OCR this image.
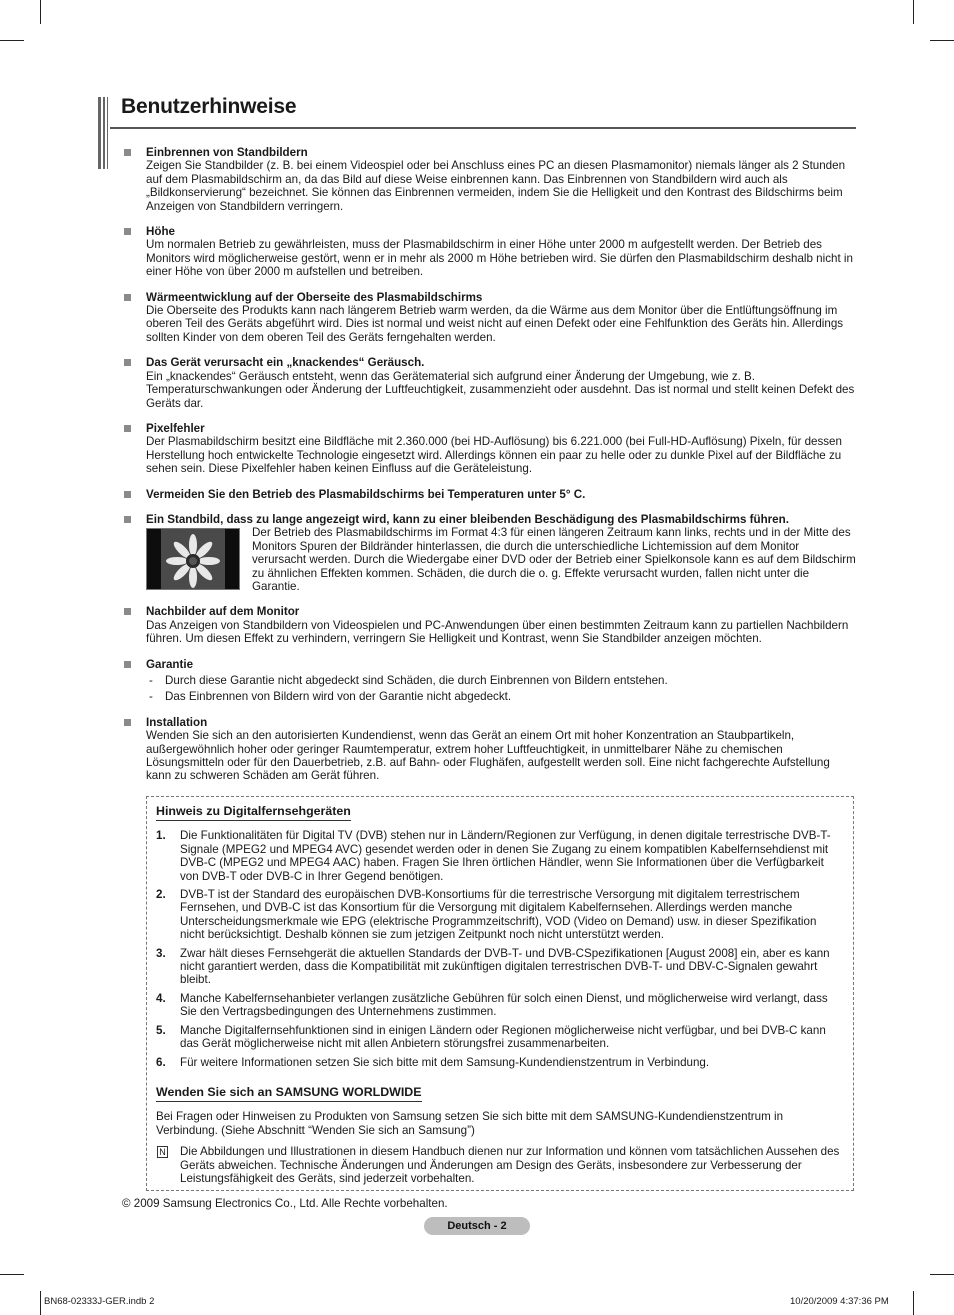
Benutzerhinweise
Einbrennen von Standbildern

Zeigen Sie Standbilder (z. B. bei einem Videospiel oder bei Anschluss eines PC an diesen Plasmamonitor) niemals länger als 2 Stunden auf dem Plasmabildschirm an, da das Bild auf diese Weise einbrennen kann. Das Einbrennen von Standbildern wird auch als „Bildkonservierung“ bezeichnet. Sie können das Einbrennen vermeiden, indem Sie die Helligkeit und den Kontrast des Bildschirms beim Anzeigen von Standbildern verringern.

Höhe

Um normalen Betrieb zu gewährleisten, muss der Plasmabildschirm in einer Höhe unter 2000 m aufgestellt werden. Der Betrieb des Monitors wird möglicherweise gestört, wenn er in mehr als 2000 m Höhe betrieben wird. Sie dürfen den Plasmabildschirm deshalb nicht in einer Höhe von über 2000 m aufstellen und betreiben.

Wärmeentwicklung auf der Oberseite des Plasmabildschirms

Die Oberseite des Produkts kann nach längerem Betrieb warm werden, da die Wärme aus dem Monitor über die Entlüftungsöffnung im oberen Teil des Geräts abgeführt wird. Dies ist normal und weist nicht auf einen Defekt oder eine Fehlfunktion des Geräts hin. Allerdings sollten Kinder von dem oberen Teil des Geräts ferngehalten werden.

Das Gerät verursacht ein „knackendes“ Geräusch.

Ein „knackendes“ Geräusch entsteht, wenn das Gerätematerial sich aufgrund einer Änderung der Umgebung, wie z. B. Temperaturschwankungen oder Änderung der Luftfeuchtigkeit, zusammenzieht oder ausdehnt. Das ist normal und stellt keinen Defekt des Geräts dar.

Pixelfehler

Der Plasmabildschirm besitzt eine Bildfläche mit 2.360.000 (bei HD-Auflösung) bis 6.221.000 (bei Full-HD-Auflösung) Pixeln, für dessen Herstellung hoch entwickelte Technologie eingesetzt wird. Allerdings können ein paar zu helle oder zu dunkle Pixel auf der Bildfläche zu sehen sein. Diese Pixelfehler haben keinen Einfluss auf die Geräteleistung.

Vermeiden Sie den Betrieb des Plasmabildschirms bei Temperaturen unter 5° C.
Ein Standbild, dass zu lange angezeigt wird, kann zu einer bleibenden Beschädigung des Plasmabildschirms führen.

Der Betrieb des Plasmabildschirms im Format 4:3 für einen längeren Zeitraum kann links, rechts und in der Mitte des Monitors Spuren der Bildränder hinterlassen, die durch die unterschiedliche Lichtemission auf dem Monitor verursacht werden. Durch die Wiedergabe einer DVD oder der Betrieb einer Spielkonsole kann es auf dem Bildschirm zu ähnlichen Effekten kommen. Schäden, die durch die o. g. Effekte verursacht wurden, fallen nicht unter die Garantie.

Nachbilder auf dem Monitor

Das Anzeigen von Standbildern von Videospielen und PC-Anwendungen über einen bestimmten Zeitraum kann zu partiellen Nachbildern führen. Um diesen Effekt zu verhindern, verringern Sie Helligkeit und Kontrast, wenn Sie Standbilder anzeigen möchten.

Garantie
- Durch diese Garantie nicht abgedeckt sind Schäden, die durch Einbrennen von Bildern entstehen.
- Das Einbrennen von Bildern wird von der Garantie nicht abgedeckt.
Installation

Wenden Sie sich an den autorisierten Kundendienst, wenn das Gerät an einem Ort mit hoher Konzentration an Staubpartikeln, außergewöhnlich hoher oder geringer Raumtemperatur, extrem hoher Luftfeuchtigkeit, in unmittelbarer Nähe zu chemischen Lösungsmitteln oder für den Dauerbetrieb, z.B. auf Bahn- oder Flughäfen, aufgestellt werden soll. Eine nicht fachgerechte Aufstellung kann zu schweren Schäden am Gerät führen.

Hinweis zu Digitalfernsehgeräten
1. Die Funktionalitäten für Digital TV (DVB) stehen nur in Ländern/Regionen zur Verfügung, in denen digitale terrestrische DVB-T-Signale (MPEG2 und MPEG4 AVC) gesendet werden oder in denen Sie Zugang zu einem kompatiblen Kabelfernsehdienst mit DVB-C (MPEG2 und MPEG4 AAC) haben. Fragen Sie Ihren örtlichen Händler, wenn Sie Informationen über die Verfügbarkeit von DVB-T oder DVB-C in Ihrer Gegend benötigen.
2. DVB-T ist der Standard des europäischen DVB-Konsortiums für die terrestrische Versorgung mit digitalem terrestrischem Fernsehen, und DVB-C ist das Konsortium für die Versorgung mit digitalem Kabelfernsehen. Allerdings werden manche Unterscheidungsmerkmale wie EPG (elektrische Programmzeitschrift), VOD (Video on Demand) usw. in dieser Spezifikation nicht berücksichtigt. Deshalb können sie zum jetzigen Zeitpunkt noch nicht unterstützt werden.
3. Zwar hält dieses Fernsehgerät die aktuellen Standards der DVB-T- und DVB-CSpezifikationen [August 2008] ein, aber es kann nicht garantiert werden, dass die Kompatibilität mit zukünftigen digitalen terrestrischen DVB-T- und DBV-C-Signalen gewahrt bleibt.
4. Manche Kabelfernsehanbieter verlangen zusätzliche Gebühren für solch einen Dienst, und möglicherweise wird verlangt, dass Sie den Vertragsbedingungen des Unternehmens zustimmen.
5. Manche Digitalfernsehfunktionen sind in einigen Ländern oder Regionen möglicherweise nicht verfügbar, und bei DVB-C kann das Gerät möglicherweise nicht mit allen Anbietern störungsfrei zusammenarbeiten.
6. Für weitere Informationen setzen Sie sich bitte mit dem Samsung-Kundendienstzentrum in Verbindung.
Wenden Sie sich an SAMSUNG WORLDWIDE

Bei Fragen oder Hinweisen zu Produkten von Samsung setzen Sie sich bitte mit dem SAMSUNG-Kundendienstzentrum in Verbindung. (Siehe Abschnitt “Wenden Sie sich an Samsung”)

N Die Abbildungen und Illustrationen in diesem Handbuch dienen nur zur Information und können vom tatsächlichen Aussehen des Geräts abweichen. Technische Änderungen und Änderungen am Design des Geräts, insbesondere zur Verbesserung der Leistungsfähigkeit des Geräts, sind jederzeit vorbehalten.
© 2009 Samsung Electronics Co., Ltd. Alle Rechte vorbehalten.
Deutsch - 2
BN68-02333J-GER.indb 2	10/20/2009 4:37:36 PM
